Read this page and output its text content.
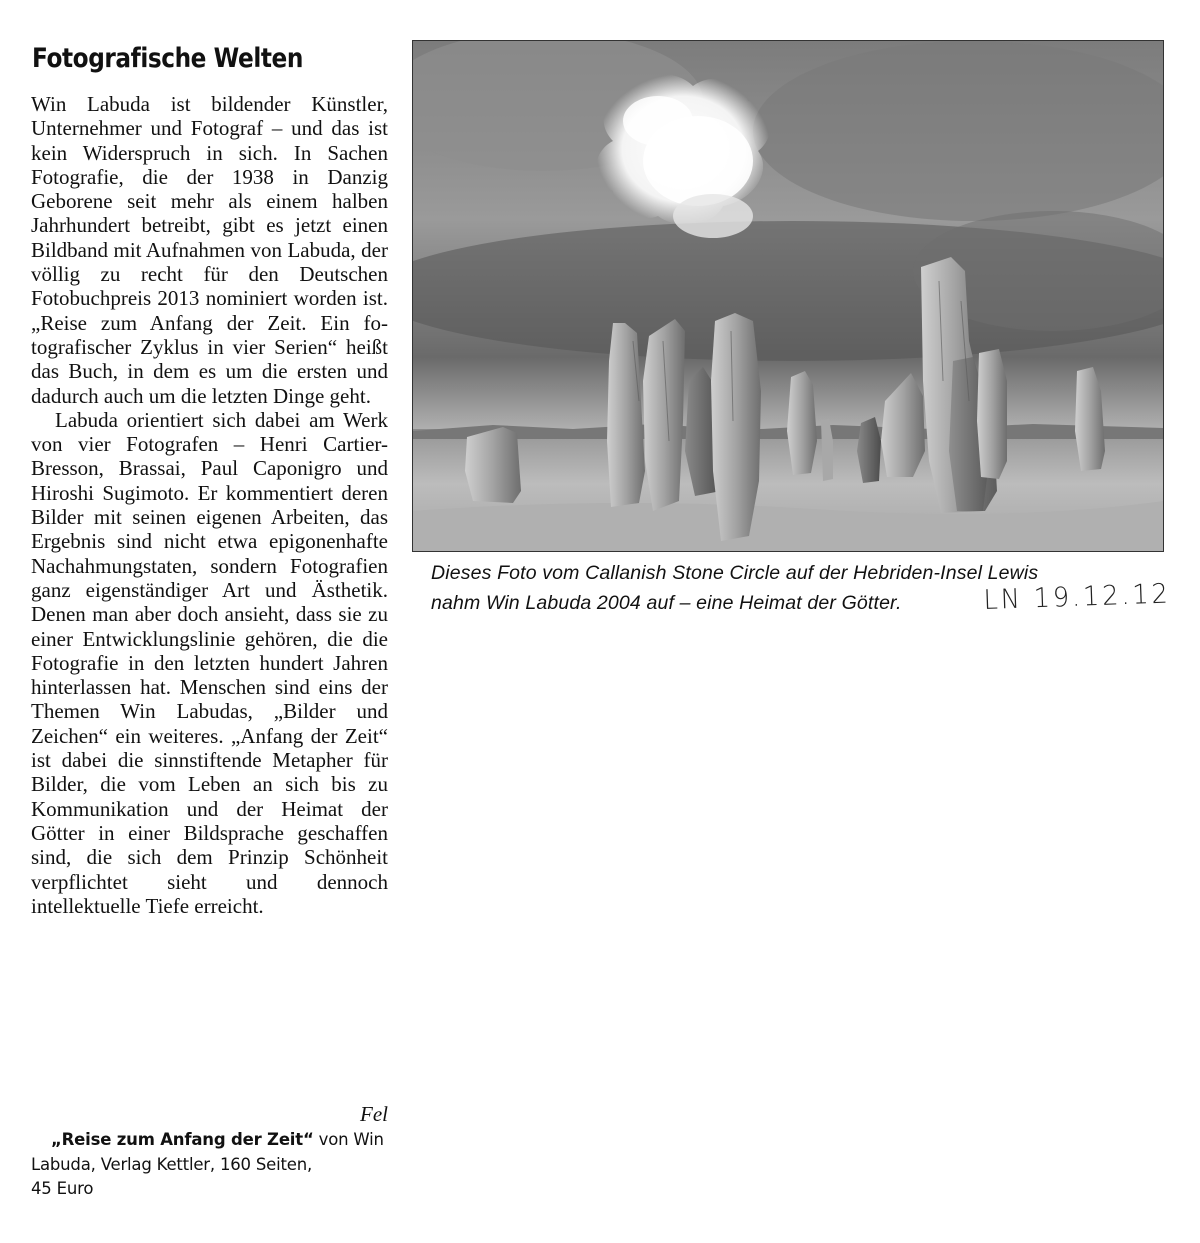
Fotografische Welten

Win Labuda ist bildender Künstler, Unternehmer und Fotograf – und das ist kein Widerspruch in sich. In Sachen Fotografie, die der 1938 in Danzig Geborene seit mehr als einem halben Jahrhundert betreibt, gibt es jetzt einen Bildband mit Aufnahmen von Labuda, der völlig zu recht für den Deutschen Fotobuchpreis 2013 nominiert worden ist. „Reise zum Anfang der Zeit. Ein fotografischer Zyklus in vier Serien“ heißt das Buch, in dem es um die ersten und dadurch auch um die letzten Dinge geht.

Labuda orientiert sich dabei am Werk von vier Fotografen – Henri Cartier-Bresson, Brassai, Paul Caponigro und Hiroshi Sugimoto. Er kommentiert deren Bilder mit seinen eigenen Arbeiten, das Ergebnis sind nicht etwa epigonenhafte Nachahmungstaten, sondern Fotografien ganz eigenständiger Art und Ästhetik. Denen man aber doch ansieht, dass sie zu einer Entwicklungslinie gehören, die die Fotografie in den letzten hundert Jahren hinterlassen hat. Menschen sind eins der Themen Win Labudas, „Bilder und Zeichen“ ein weiteres. „Anfang der Zeit“ ist dabei die sinnstiftende Metapher für Bilder, die vom Leben an sich bis zu Kommunikation und der Heimat der Götter in einer Bildsprache geschaffen sind, die sich dem Prinzip Schönheit verpflichtet sieht und dennoch intellektuelle Tiefe erreicht.

Fel
„Reise zum Anfang der Zeit“ von Win Labuda, Verlag Kettler, 160 Seiten,
45 Euro
Dieses Foto vom Callanish Stone Circle auf der Hebriden-Insel Lewis
nahm Win Labuda 2004 auf – eine Heimat der Götter.	LN 19.12.12
